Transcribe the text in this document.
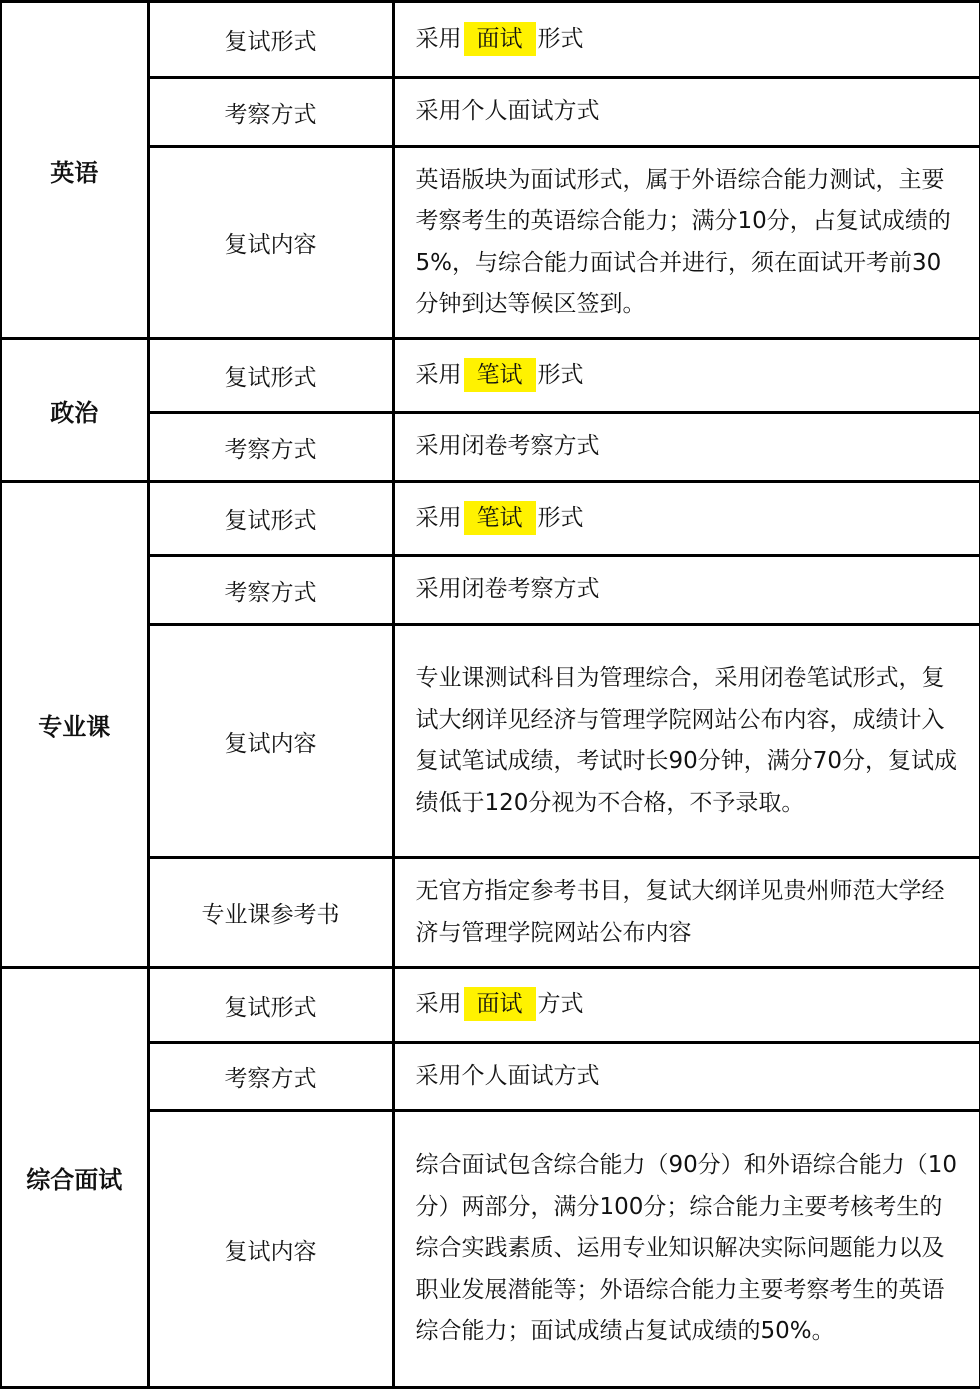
英语	复试形式	采用 面试 形式
	考察方式	采用个人面试方式
	复试内容	英语版块为面试形式，属于外语综合能力测试，主要考察考生的英语综合能力；满分10分，占复试成绩的5%，与综合能力面试合并进行，须在面试开考前30分钟到达等候区签到。
政治	复试形式	采用 笔试 形式
	考察方式	采用闭卷考察方式
专业课	复试形式	采用 笔试 形式
	考察方式	采用闭卷考察方式
	复试内容	专业课测试科目为管理综合，采用闭卷笔试形式，复试大纲详见经济与管理学院网站公布内容，成绩计入复试笔试成绩，考试时长90分钟，满分70分，复试成绩低于120分视为不合格，不予录取。
	专业课参考书	无官方指定参考书目，复试大纲详见贵州师范大学经济与管理学院网站公布内容
综合面试	复试形式	采用 面试 方式
	考察方式	采用个人面试方式
	复试内容	综合面试包含综合能力（90分）和外语综合能力（10分）两部分，满分100分；综合能力主要考核考生的综合实践素质、运用专业知识解决实际问题能力以及职业发展潜能等；外语综合能力主要考察考生的英语综合能力；面试成绩占复试成绩的50%。
